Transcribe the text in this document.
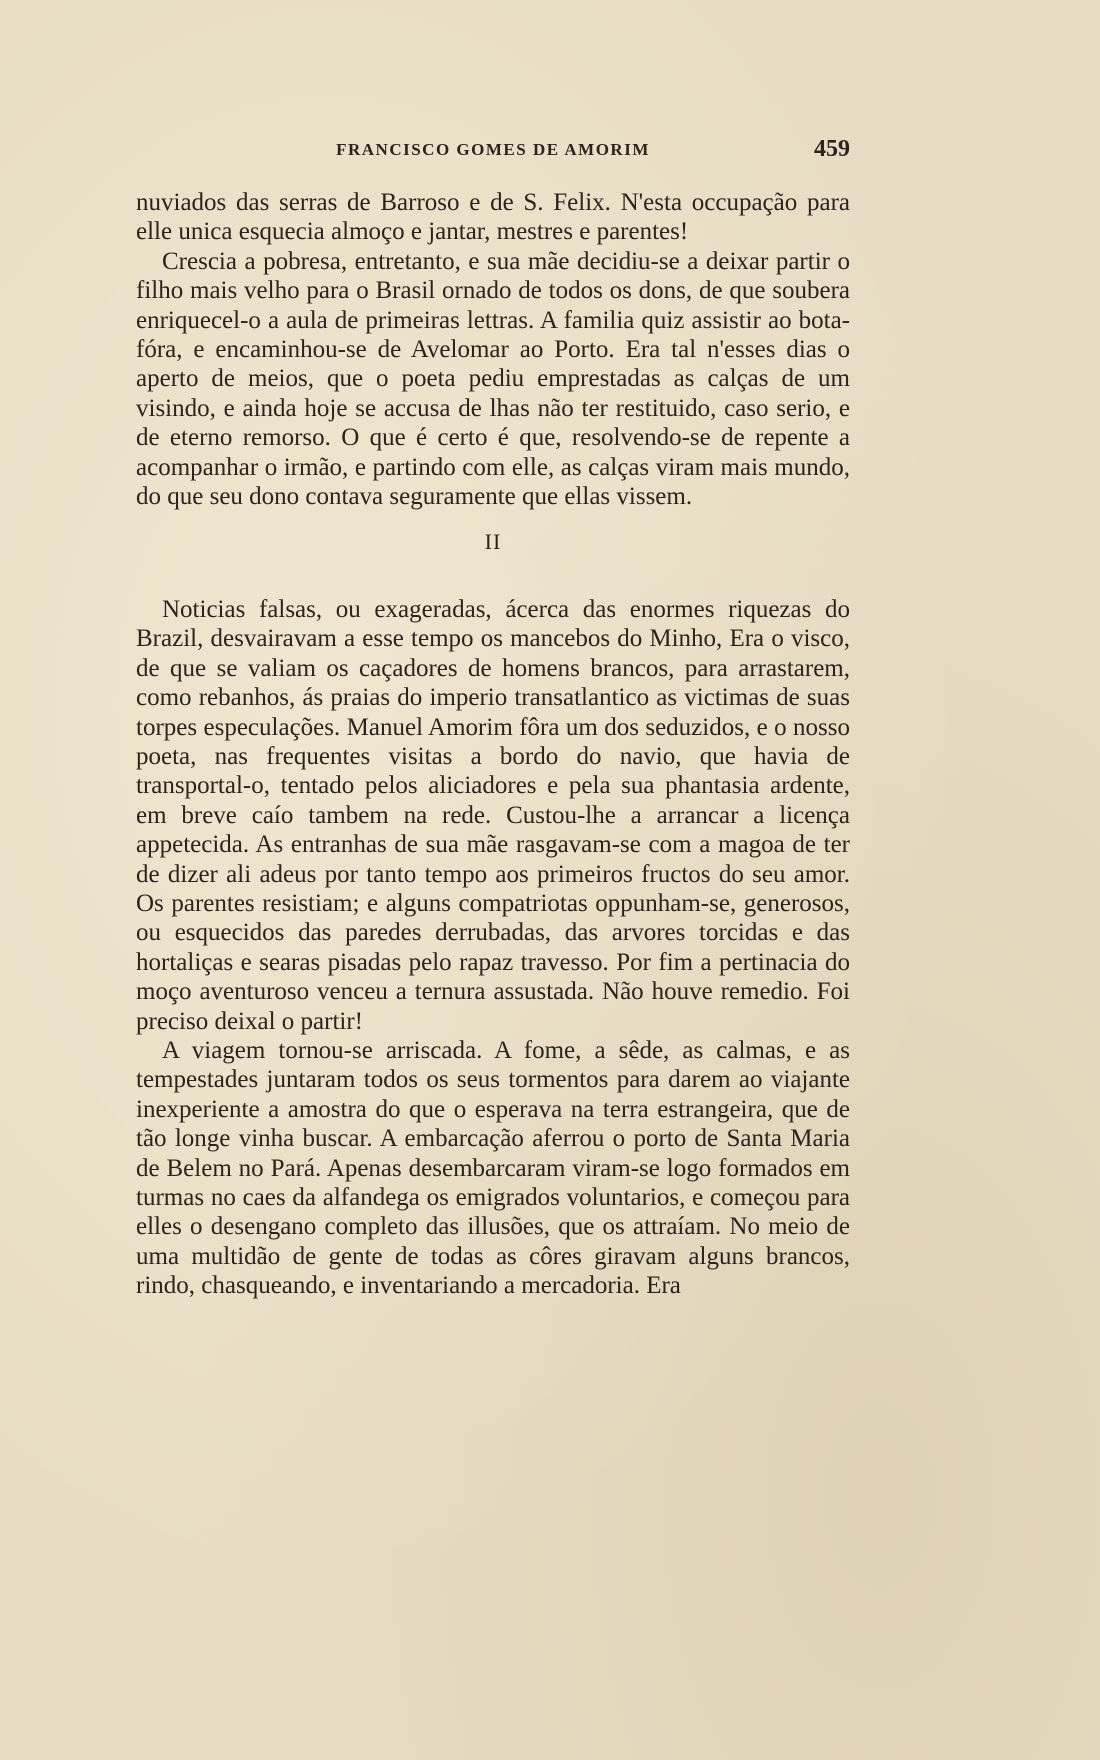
FRANCISCO GOMES DE AMORIM	459

nuviados das serras de Barroso e de S. Felix. N'esta occupação para elle unica esquecia almoço e jantar, mestres e parentes!

Crescia a pobresa, entretanto, e sua mãe decidiu-se a deixar partir o filho mais velho para o Brasil ornado de todos os dons, de que soubera enriquecel-o a aula de primeiras lettras. A familia quiz assistir ao bota-fóra, e encaminhou-se de Avelomar ao Porto. Era tal n'esses dias o aperto de meios, que o poeta pediu emprestadas as calças de um visindo, e ainda hoje se accusa de lhas não ter restituido, caso serio, e de eterno remorso. O que é certo é que, resolvendo-se de repente a acompanhar o irmão, e partindo com elle, as calças viram mais mundo, do que seu dono contava seguramente que ellas vissem.

II

Noticias falsas, ou exageradas, ácerca das enormes riquezas do Brazil, desvairavam a esse tempo os mancebos do Minho, Era o visco, de que se valiam os caçadores de homens brancos, para arrastarem, como rebanhos, ás praias do imperio transatlantico as victimas de suas torpes especulações. Manuel Amorim fôra um dos seduzidos, e o nosso poeta, nas frequentes visitas a bordo do navio, que havia de transportal-o, tentado pelos aliciadores e pela sua phantasia ardente, em breve caío tambem na rede. Custou-lhe a arrancar a licença appetecida. As entranhas de sua mãe rasgavam-se com a magoa de ter de dizer ali adeus por tanto tempo aos primeiros fructos do seu amor. Os parentes resistiam; e alguns compatriotas oppunham-se, generosos, ou esquecidos das paredes derrubadas, das arvores torcidas e das hortaliças e searas pisadas pelo rapaz travesso. Por fim a pertinacia do moço aventuroso venceu a ternura assustada. Não houve remedio. Foi preciso deixal o partir!

A viagem tornou-se arriscada. A fome, a sêde, as calmas, e as tempestades juntaram todos os seus tormentos para darem ao viajante inexperiente a amostra do que o esperava na terra estrangeira, que de tão longe vinha buscar. A embarcação aferrou o porto de Santa Maria de Belem no Pará. Apenas desembarcaram viram-se logo formados em turmas no caes da alfandega os emigrados voluntarios, e começou para elles o desengano completo das illusões, que os attraíam. No meio de uma multidão de gente de todas as côres giravam alguns brancos, rindo, chasqueando, e inventariando a mercadoria. Era
